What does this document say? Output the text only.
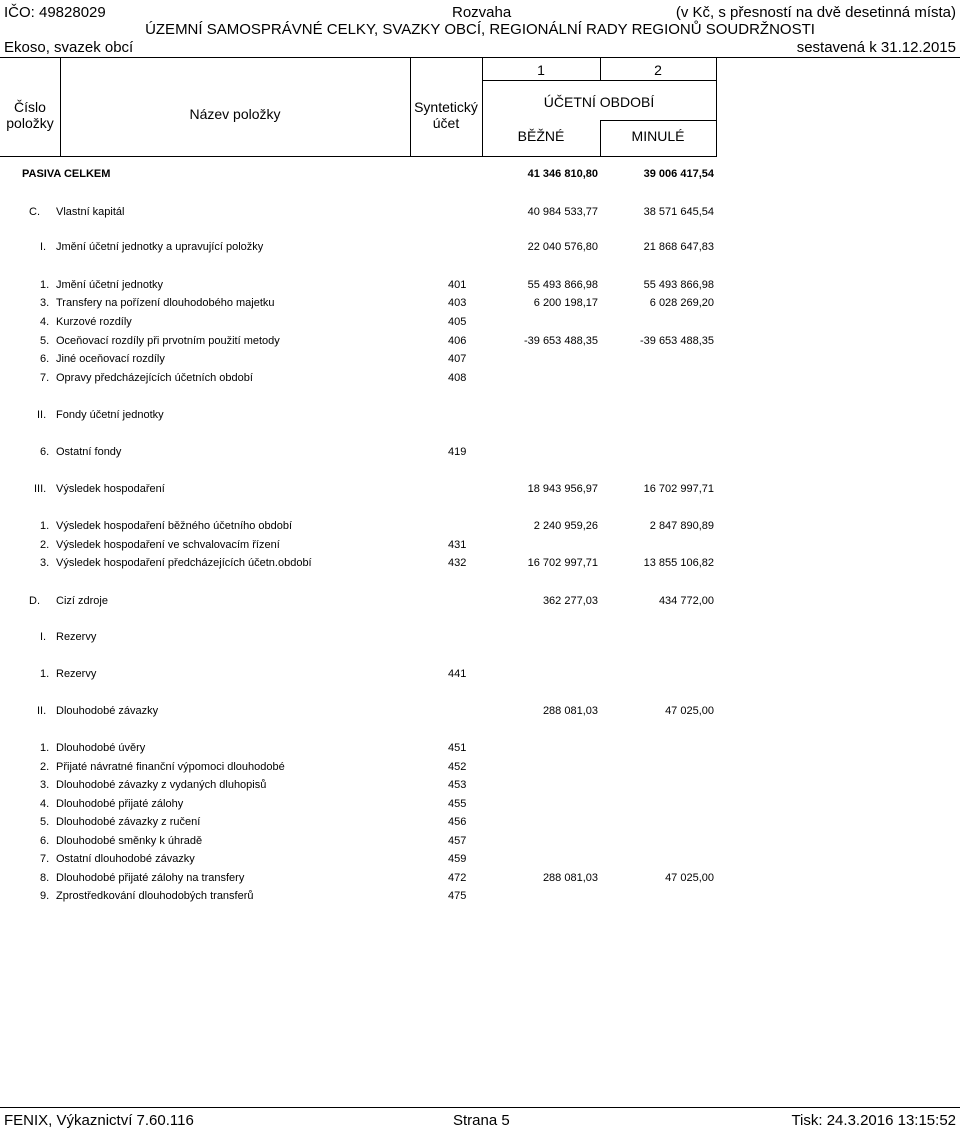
IČO: 49828029	Rozvaha	(v Kč, s přesností na dvě desetinná místa)
ÚZEMNÍ SAMOSPRÁVNÉ CELKY, SVAZKY OBCÍ, REGIONÁLNÍ RADY REGIONŮ SOUDRŽNOSTI
Ekoso, svazek obcí	sestavená k 31.12.2015
1	2
Číslo
položky
Název položky	Syntetický
účet
ÚČETNÍ OBDOBÍ
BĚŽNÉ	MINULÉ
PASIVA CELKEM	41 346 810,80	39 006 417,54
C. Vlastní kapitál	40 984 533,77	38 571 645,54
I. Jmění účetní jednotky a upravující položky	22 040 576,80	21 868 647,83
1. Jmění účetní jednotky	401	55 493 866,98	55 493 866,98
3. Transfery na pořízení dlouhodobého majetku	403	6 200 198,17	6 028 269,20
4. Kurzové rozdíly	405
5. Oceňovací rozdíly při prvotním použití metody	406	-39 653 488,35	-39 653 488,35
6. Jiné oceňovací rozdíly	407
7. Opravy předcházejících účetních období	408
II. Fondy účetní jednotky
6. Ostatní fondy	419
III. Výsledek hospodaření	18 943 956,97	16 702 997,71
1. Výsledek hospodaření běžného účetního období	2 240 959,26	2 847 890,89
2. Výsledek hospodaření ve schvalovacím řízení	431
3. Výsledek hospodaření předcházejících účetn.období	432	16 702 997,71	13 855 106,82
D. Cizí zdroje	362 277,03	434 772,00
I. Rezervy
1. Rezervy	441
II. Dlouhodobé závazky	288 081,03	47 025,00
1. Dlouhodobé úvěry	451
2. Přijaté návratné finanční výpomoci dlouhodobé	452
3. Dlouhodobé závazky z vydaných dluhopisů	453
4. Dlouhodobé přijaté zálohy	455
5. Dlouhodobé závazky z ručení	456
6. Dlouhodobé směnky k úhradě	457
7. Ostatní dlouhodobé závazky	459
8. Dlouhodobé přijaté zálohy na transfery	472	288 081,03	47 025,00
9. Zprostředkování dlouhodobých transferů	475
FENIX, Výkaznictví 7.60.116	Strana 5	Tisk: 24.3.2016 13:15:52
